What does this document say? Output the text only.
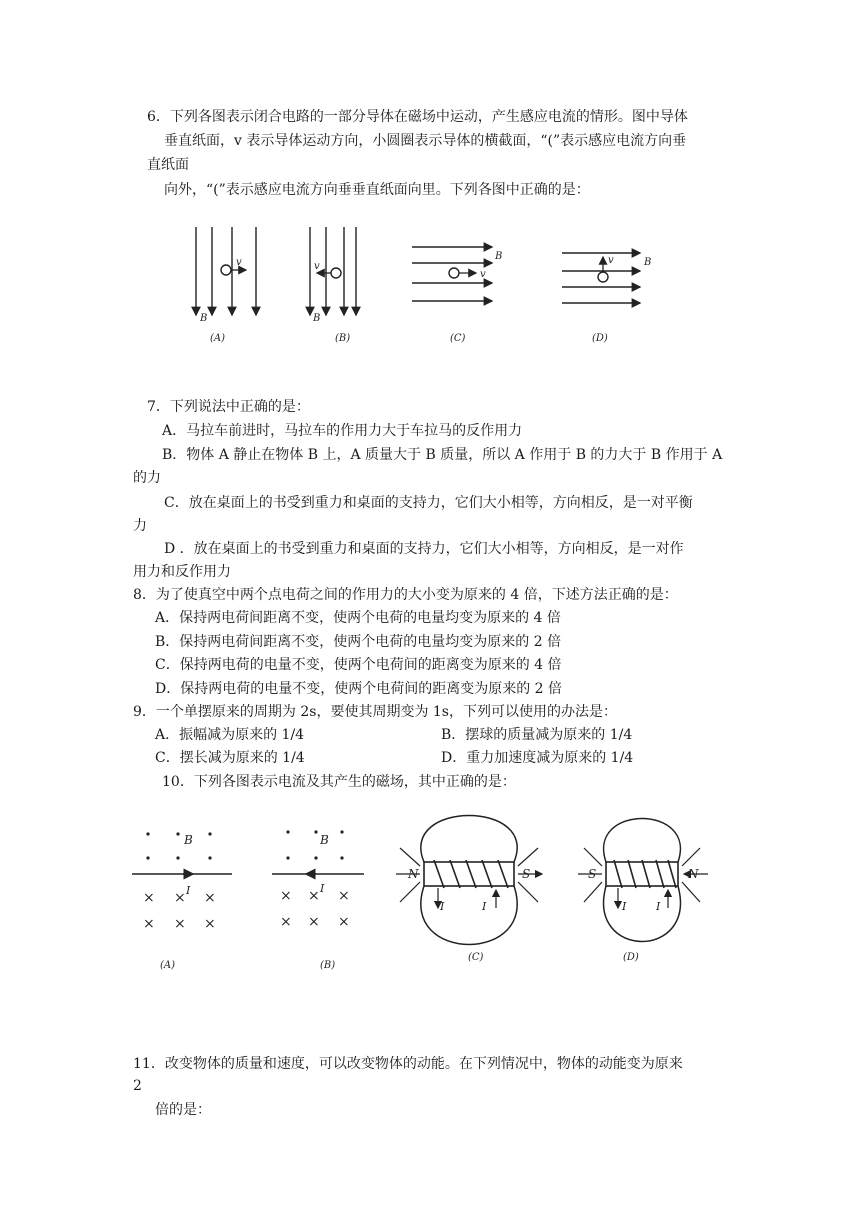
6．下列各图表示闭合电路的一部分导体在磁场中运动，产生感应电流的情形。图中导体
垂直纸面，v 表示导体运动方向，小圆圈表示导体的横截面，“(”表示感应电流方向垂
直纸面
向外，“(”表示感应电流方向垂垂直纸面向里。下列各图中正确的是：
v
B
(A)
v
B
(B)
v
B
(C)
v	B
(D)
7．下列说法中正确的是：
A．马拉车前进时，马拉车的作用力大于车拉马的反作用力
B．物体 A 静止在物体 B 上，A 质量大于 B 质量，所以 A 作用于 B 的力大于 B 作用于 A
的力
C．放在桌面上的书受到重力和桌面的支持力，它们大小相等，方向相反，是一对平衡
力
D ．放在桌面上的书受到重力和桌面的支持力，它们大小相等，方向相反，是一对作
用力和反作用力
8．为了使真空中两个点电荷之间的作用力的大小变为原来的 4 倍，下述方法正确的是：
A．保持两电荷间距离不变，使两个电荷的电量均变为原来的 4 倍
B．保持两电荷间距离不变，使两个电荷的电量均变为原来的 2 倍
C．保持两电荷的电量不变，使两个电荷间的距离变为原来的 4 倍
D．保持两电荷的电量不变，使两个电荷间的距离变为原来的 2 倍
9．一个单摆原来的周期为 2s，要使其周期变为 1s，下列可以使用的办法是：
A．振幅减为原来的 1/4	B．摆球的质量减为原来的 1/4
C．摆长减为原来的 1/4	D．重力加速度减为原来的 1/4
10．下列各图表示电流及其产生的磁场，其中正确的是：
B
I
× × ×
× × ×
(A)
B
I
× × ×
× × ×
(B)
N	S
I	I
(C)
S	N
I	I
(D)
11．改变物体的质量和速度，可以改变物体的动能。在下列情况中，物体的动能变为原来
2
倍的是：
